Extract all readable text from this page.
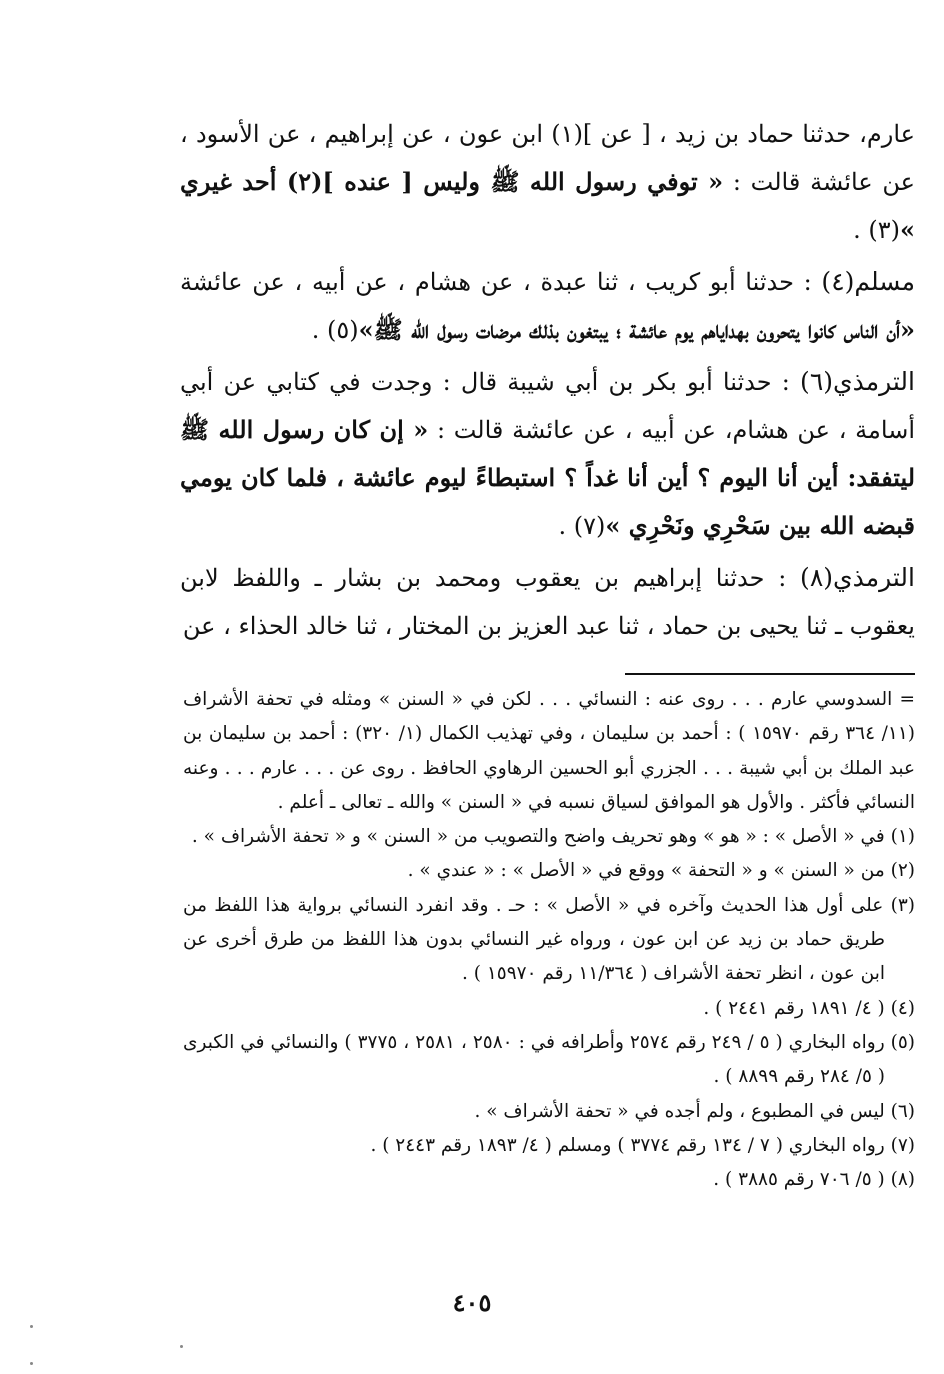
عارم، حدثنا حماد بن زيد ، [ عن ](١) ابن عون ، عن إبراهيم ، عن الأسود ، عن عائشة قالت : « توفي رسول الله ﷺ وليس [ عنده ](٢) أحد غيري »(٣) .

مسلم(٤) : حدثنا أبو كريب ، ثنا عبدة ، عن هشام ، عن أبيه ، عن عائشة «أن الناس كانوا يتحرون بهداياهم يوم عائشة ؛ يبتغون بذلك مرضات رسول الله ﷺ»(٥) .

الترمذي(٦) : حدثنا أبو بكر بن أبي شيبة قال : وجدت في كتابي عن أبي أسامة ، عن هشام، عن أبيه ، عن عائشة قالت : « إن كان رسول الله ﷺ ليتفقد: أين أنا اليوم ؟ أين أنا غداً ؟ استبطاءً ليوم عائشة ، فلما كان يومي قبضه الله بين سَحْرِي ونَحْرِي »(٧) .

الترمذي(٨) : حدثنا إبراهيم بن يعقوب ومحمد بن بشار ـ واللفظ لابن يعقوب ـ ثنا يحيى بن حماد ، ثنا عبد العزيز بن المختار ، ثنا خالد الحذاء ، عن

= السدوسي عارم . . . روى عنه : النسائي . . . لكن في « السنن » ومثله في تحفة الأشراف (١١/ ٣٦٤ رقم ١٥٩٧٠ ) : أحمد بن سليمان ، وفي تهذيب الكمال (١/ ٣٢٠) : أحمد بن سليمان بن عبد الملك بن أبي شيبة . . . الجزري أبو الحسين الرهاوي الحافظ . روى عن . . . عارم . . . وعنه النسائي فأكثر . والأول هو الموافق لسياق نسبه في « السنن » والله ـ تعالى ـ أعلم .

(١) في « الأصل » : « هو » وهو تحريف واضح والتصويب من « السنن » و « تحفة الأشراف » .

(٢) من « السنن » و « التحفة » ووقع في « الأصل » : « عندي » .

(٣) على أول هذا الحديث وآخره في « الأصل » : حـ . وقد انفرد النسائي برواية هذا اللفظ من طريق حماد بن زيد عن ابن عون ، ورواه غير النسائي بدون هذا اللفظ من طرق أخرى عن ابن عون ، انظر تحفة الأشراف ( ١١/٣٦٤ رقم ١٥٩٧٠ ) .

(٤) ( ٤/ ١٨٩١ رقم ٢٤٤١ ) .

(٥) رواه البخاري ( ٥ / ٢٤٩ رقم ٢٥٧٤ وأطرافه في : ٢٥٨٠ ، ٢٥٨١ ، ٣٧٧٥ ) والنسائي في الكبرى ( ٥/ ٢٨٤ رقم ٨٨٩٩ ) .

(٦) ليس في المطبوع ، ولم أجده في « تحفة الأشراف » .

(٧) رواه البخاري ( ٧ / ١٣٤ رقم ٣٧٧٤ ) ومسلم ( ٤/ ١٨٩٣ رقم ٢٤٤٣ ) .

(٨) ( ٥/ ٧٠٦ رقم ٣٨٨٥ ) .

٤٠٥
